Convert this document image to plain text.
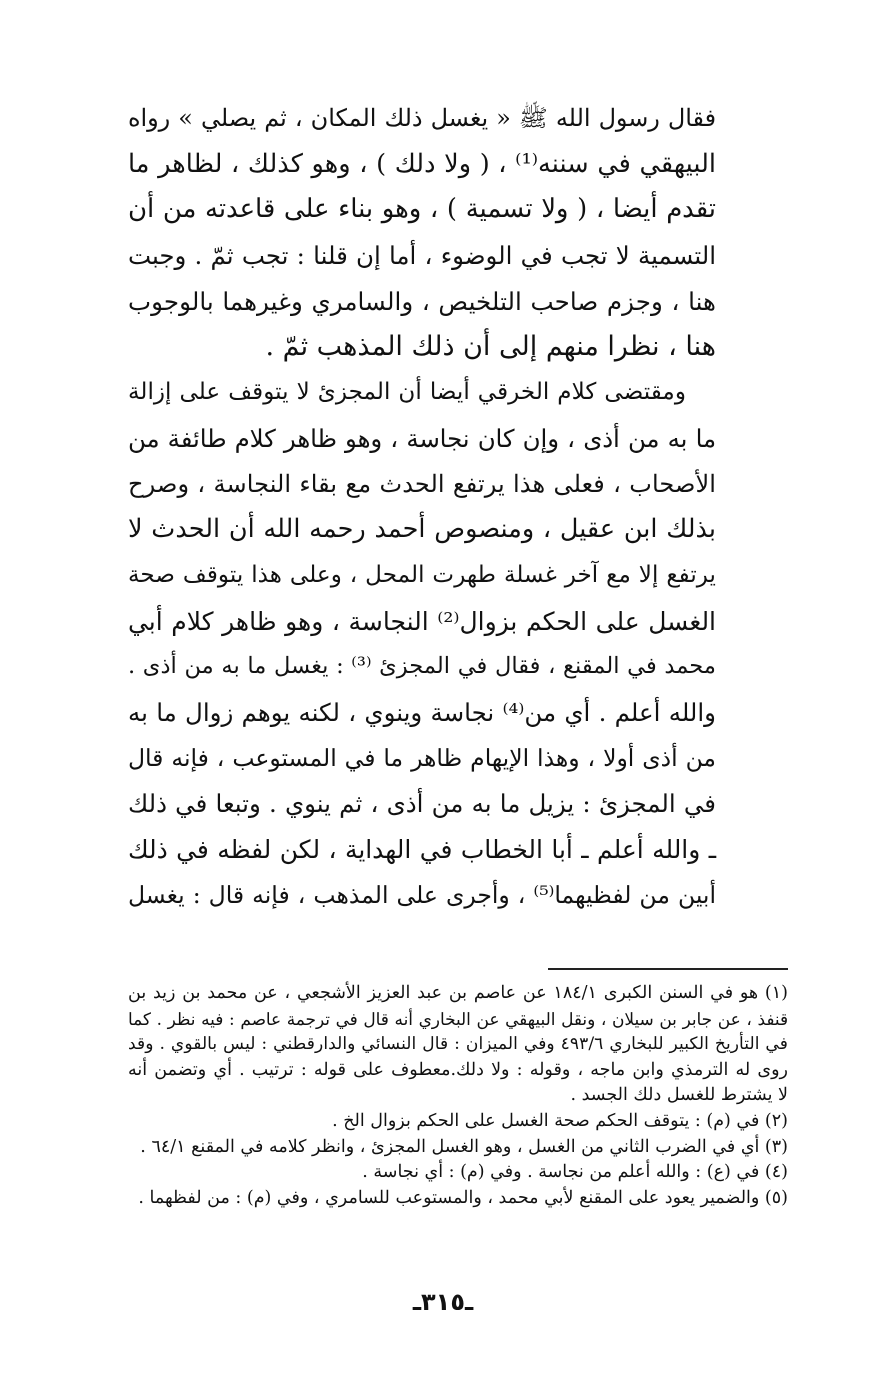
فقال رسول الله ﷺ « يغسل ذلك المكان ، ثم يصلي » رواه
البيهقي في سننه⁽¹⁾ ، ( ولا دلك ) ، وهو كذلك ، لظاهر ما
تقدم أيضا ، ( ولا تسمية ) ، وهو بناء على قاعدته من أن
التسمية لا تجب في الوضوء ، أما إن قلنا : تجب ثمّ . وجبت
هنا ، وجزم صاحب التلخيص ، والسامري وغيرهما بالوجوب
هنا ، نظرا منهم إلى أن ذلك المذهب ثمّ .
ومقتضى كلام الخرقي أيضا أن المجزئ لا يتوقف على إزالة
ما به من أذى ، وإن كان نجاسة ، وهو ظاهر كلام طائفة من
الأصحاب ، فعلى هذا يرتفع الحدث مع بقاء النجاسة ، وصرح
بذلك ابن عقيل ، ومنصوص أحمد رحمه الله أن الحدث لا
يرتفع إلا مع آخر غسلة طهرت المحل ، وعلى هذا يتوقف صحة
الغسل على الحكم بزوال⁽²⁾ النجاسة ، وهو ظاهر كلام أبي
محمد في المقنع ، فقال في المجزئ ⁽³⁾ : يغسل ما به من أذى .
والله أعلم . أي من⁽⁴⁾ نجاسة وينوي ، لكنه يوهم زوال ما به
من أذى أولا ، وهذا الإيهام ظاهر ما في المستوعب ، فإنه قال
في المجزئ : يزيل ما به من أذى ، ثم ينوي . وتبعا في ذلك
ـ والله أعلم ـ أبا الخطاب في الهداية ، لكن لفظه في ذلك
أبين من لفظيهما⁽⁵⁾ ، وأجرى على المذهب ، فإنه قال : يغسل
(١) هو في السنن الكبرى ١٨٤/١ عن عاصم بن عبد العزيز الأشجعي ، عن محمد بن زيد بن
قنفذ ، عن جابر بن سيلان ، ونقل البيهقي عن البخاري أنه قال في ترجمة عاصم : فيه نظر . كما
في التأريخ الكبير للبخاري ٤٩٣/٦ وفي الميزان : قال النسائي والدارقطني : ليس بالقوي . وقد
روى له الترمذي وابن ماجه ، وقوله : ولا دلك.معطوف على قوله : ترتيب . أي وتضمن أنه
لا يشترط للغسل دلك الجسد .
(٢) في (م) : يتوقف الحكم صحة الغسل على الحكم بزوال الخ .
(٣) أي في الضرب الثاني من الغسل ، وهو الغسل المجزئ ، وانظر كلامه في المقنع ٦٤/١ .
(٤) في (ع) : والله أعلم من نجاسة . وفي (م) : أي نجاسة .
(٥) والضمير يعود على المقنع لأبي محمد ، والمستوعب للسامري ، وفي (م) : من لفظهما .
ـ٣١٥ـ
